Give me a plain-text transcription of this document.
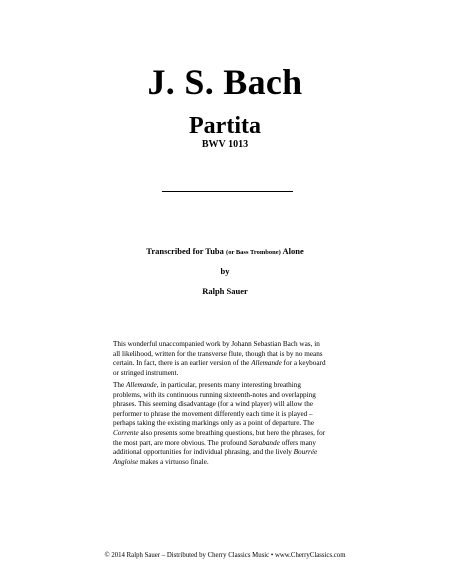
J. S. Bach
Partita
BWV 1013
Transcribed for Tuba (or Bass Trombone) Alone
by
Ralph Sauer
This wonderful unaccompanied work by Johann Sebastian Bach was, in
all likelihood, written for the transverse flute, though that is by no means
certain. In fact, there is an earlier version of the Allemande for a keyboard
or stringed instrument.
The Allemande, in particular, presents many interesting breathing
problems, with its continuous running sixteenth-notes and overlapping
phrases. This seeming disadvantage (for a wind player) will allow the
performer to phrase the movement differently each time it is played –
perhaps taking the existing markings only as a point of departure. The
Corrente also presents some breathing questions, but here the phrases, for
the most part, are more obvious. The profound Sarabande offers many
additional opportunities for individual phrasing, and the lively Bourrée
Angloise makes a virtuoso finale.
© 2014 Ralph Sauer – Distributed by Cherry Classics Music • www.CherryClassics.com
